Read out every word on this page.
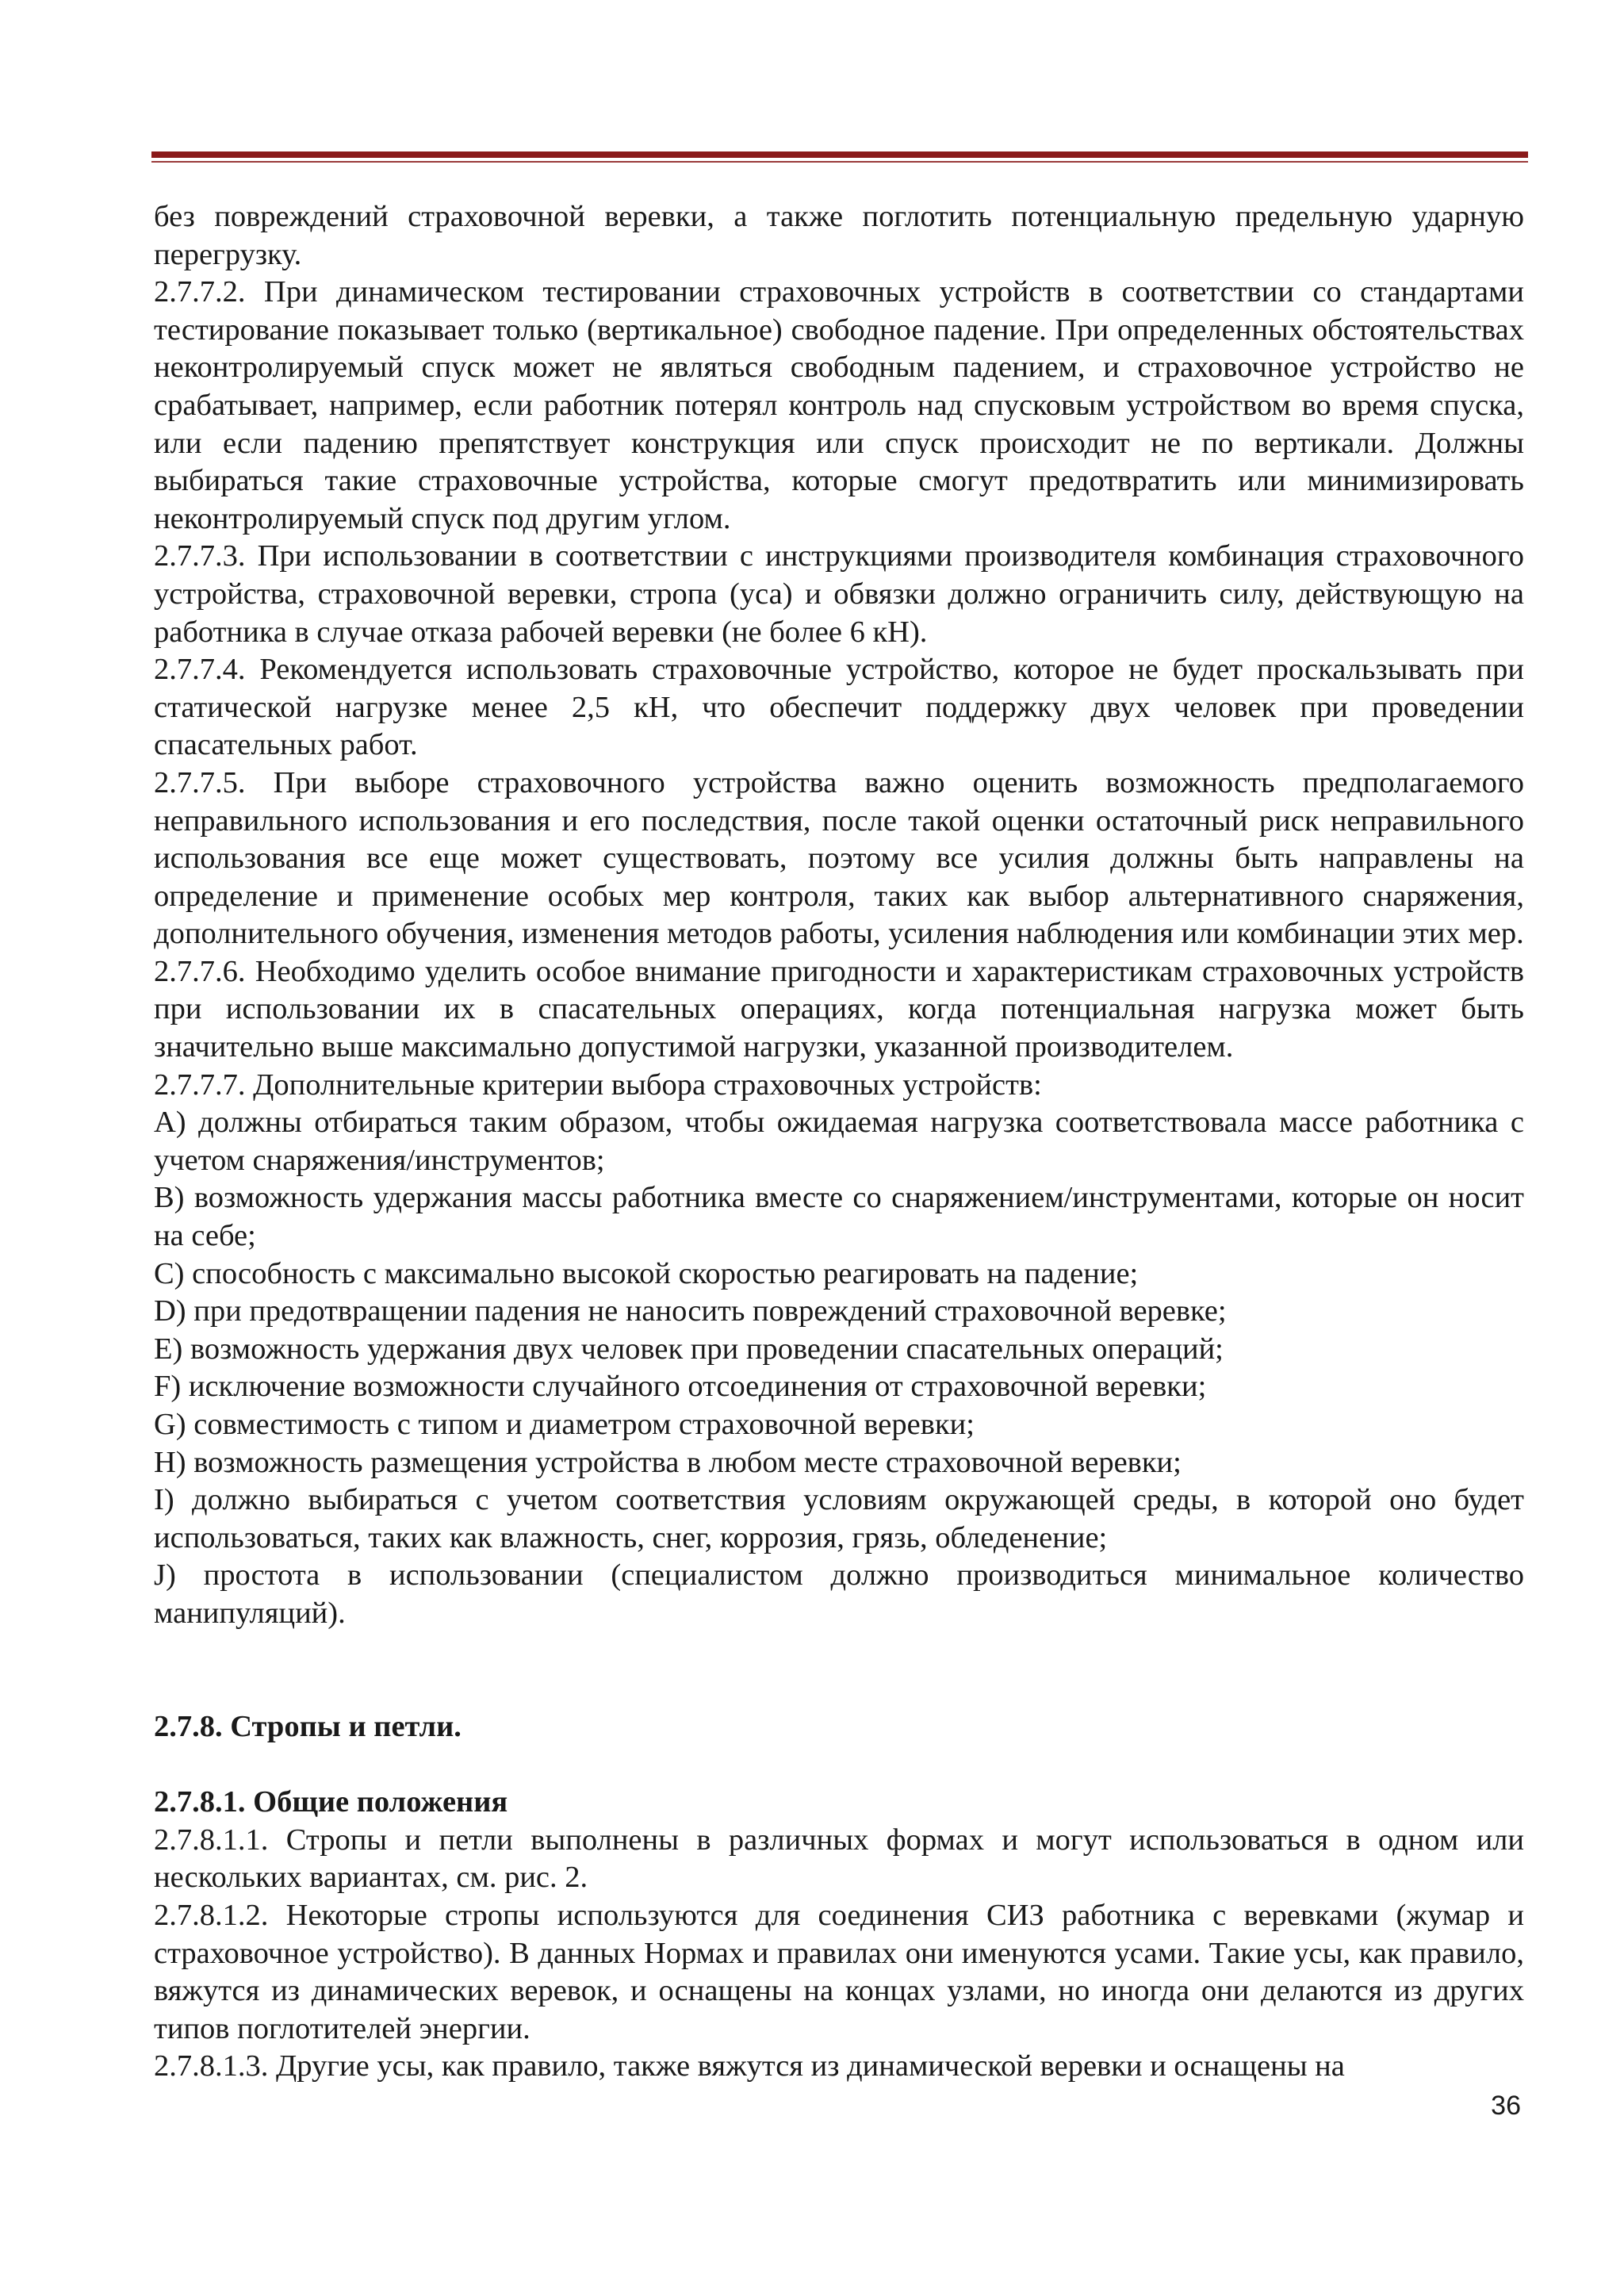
без повреждений страховочной веревки, а также поглотить потенциальную предельную ударную перегрузку.

2.7.7.2. При динамическом тестировании страховочных устройств в соответствии со стандартами тестирование показывает только (вертикальное) свободное падение. При определенных обстоятельствах неконтролируемый спуск может не являться свободным падением, и страховочное устройство не срабатывает, например, если работник потерял контроль над спусковым устройством во время спуска, или если падению препятствует конструкция или спуск происходит не по вертикали. Должны выбираться такие страховочные устройства, которые смогут предотвратить или минимизировать неконтролируемый спуск под другим углом.

2.7.7.3. При использовании в соответствии с инструкциями производителя комбинация страховочного устройства, страховочной веревки, стропа (уса) и обвязки должно ограничить силу, действующую на работника в случае отказа рабочей веревки (не более 6 кН).

2.7.7.4. Рекомендуется использовать страховочные устройство, которое не будет проскальзывать при статической нагрузке менее 2,5 кН, что обеспечит поддержку двух человек при проведении спасательных работ.

2.7.7.5. При выборе страховочного устройства важно оценить возможность предполагаемого неправильного использования и его последствия, после такой оценки остаточный риск неправильного использования все еще может существовать, поэтому все усилия должны быть направлены на определение и применение особых мер контроля, таких как выбор альтернативного снаряжения, дополнительного обучения, изменения методов работы, усиления наблюдения или комбинации этих мер.

2.7.7.6. Необходимо уделить особое внимание пригодности и характеристикам страховочных устройств при использовании их в спасательных операциях, когда потенциальная нагрузка может быть значительно выше максимально допустимой нагрузки, указанной производителем.

2.7.7.7. Дополнительные критерии выбора страховочных устройств:

A) должны отбираться таким образом, чтобы ожидаемая нагрузка соответствовала массе работника с учетом снаряжения/инструментов;

B) возможность удержания массы работника вместе со снаряжением/инструментами, которые он носит на себе;

C) способность с максимально высокой скоростью реагировать на падение;

D) при предотвращении падения не наносить повреждений страховочной веревке;

E) возможность удержания двух человек при проведении спасательных операций;

F) исключение возможности случайного отсоединения от страховочной веревки;

G) совместимость с типом и диаметром страховочной веревки;

H) возможность размещения устройства в любом месте страховочной веревки;

I) должно выбираться с учетом соответствия условиям окружающей среды, в которой оно будет использоваться, таких как влажность, снег, коррозия, грязь, обледенение;

J) простота в использовании (специалистом должно производиться минимальное количество манипуляций).

2.7.8. Стропы и петли.

2.7.8.1. Общие положения

2.7.8.1.1. Стропы и петли выполнены в различных формах и могут использоваться в одном или нескольких вариантах, см. рис. 2.

2.7.8.1.2. Некоторые стропы используются для соединения СИЗ работника с веревками (жумар и страховочное устройство). В данных Нормах и правилах они именуются усами. Такие усы, как правило, вяжутся из динамических веревок, и оснащены на концах узлами, но иногда они делаются из других типов поглотителей энергии.

2.7.8.1.3. Другие усы, как правило, также вяжутся из динамической веревки и оснащены на

36
